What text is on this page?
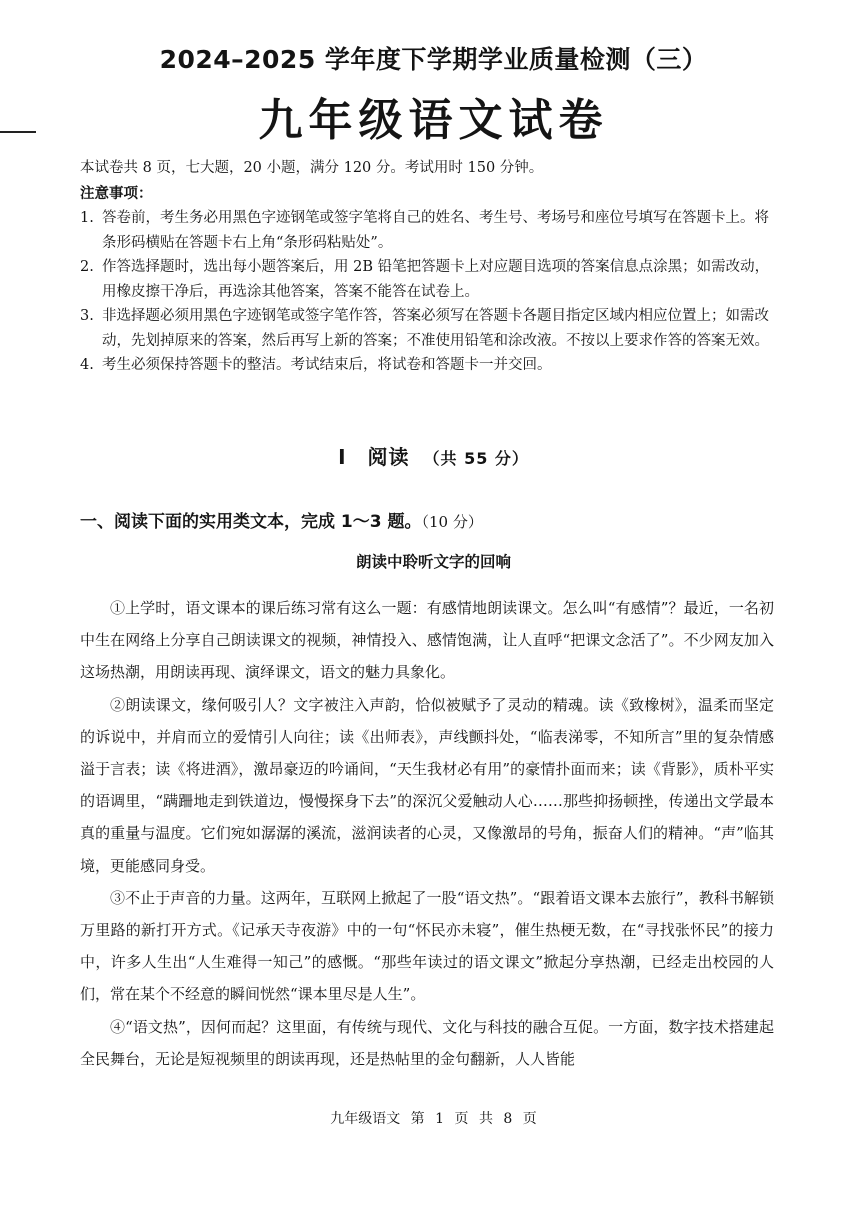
2024–2025 学年度下学期学业质量检测（三）
九年级语文试卷
本试卷共 8 页，七大题，20 小题，满分 120 分。考试用时 150 分钟。
注意事项：
1. 答卷前，考生务必用黑色字迹钢笔或签字笔将自己的姓名、考生号、考场号和座位号填写在答题卡上。将条形码横贴在答题卡右上角“条形码粘贴处”。
2. 作答选择题时，选出每小题答案后，用 2B 铅笔把答题卡上对应题目选项的答案信息点涂黑；如需改动，用橡皮擦干净后，再选涂其他答案，答案不能答在试卷上。
3. 非选择题必须用黑色字迹钢笔或签字笔作答，答案必须写在答题卡各题目指定区域内相应位置上；如需改动，先划掉原来的答案，然后再写上新的答案；不准使用铅笔和涂改液。不按以上要求作答的答案无效。
4. 考生必须保持答题卡的整洁。考试结束后，将试卷和答题卡一并交回。
I　阅读 （共 55 分）
一、阅读下面的实用类文本，完成 1～3 题。（10 分）
朗读中聆听文字的回响

①上学时，语文课本的课后练习常有这么一题：有感情地朗读课文。怎么叫“有感情”？最近，一名初中生在网络上分享自己朗读课文的视频，神情投入、感情饱满，让人直呼“把课文念活了”。不少网友加入这场热潮，用朗读再现、演绎课文，语文的魅力具象化。

②朗读课文，缘何吸引人？文字被注入声韵，恰似被赋予了灵动的精魂。读《致橡树》，温柔而坚定的诉说中，并肩而立的爱情引人向往；读《出师表》，声线颤抖处，“临表涕零，不知所言”里的复杂情感溢于言表；读《将进酒》，激昂豪迈的吟诵间，“天生我材必有用”的豪情扑面而来；读《背影》，质朴平实的语调里，“蹒跚地走到铁道边，慢慢探身下去”的深沉父爱触动人心……那些抑扬顿挫，传递出文学最本真的重量与温度。它们宛如潺潺的溪流，滋润读者的心灵，又像激昂的号角，振奋人们的精神。“声”临其境，更能感同身受。

③不止于声音的力量。这两年，互联网上掀起了一股“语文热”。“跟着语文课本去旅行”，教科书解锁万里路的新打开方式。《记承天寺夜游》中的一句“怀民亦未寝”，催生热梗无数，在“寻找张怀民”的接力中，许多人生出“人生难得一知己”的感慨。“那些年读过的语文课文”掀起分享热潮，已经走出校园的人们，常在某个不经意的瞬间恍然“课本里尽是人生”。

④“语文热”，因何而起？这里面，有传统与现代、文化与科技的融合互促。一方面，数字技术搭建起全民舞台，无论是短视频里的朗读再现，还是热帖里的金句翻新，人人皆能

九年级语文 第 1 页 共 8 页
